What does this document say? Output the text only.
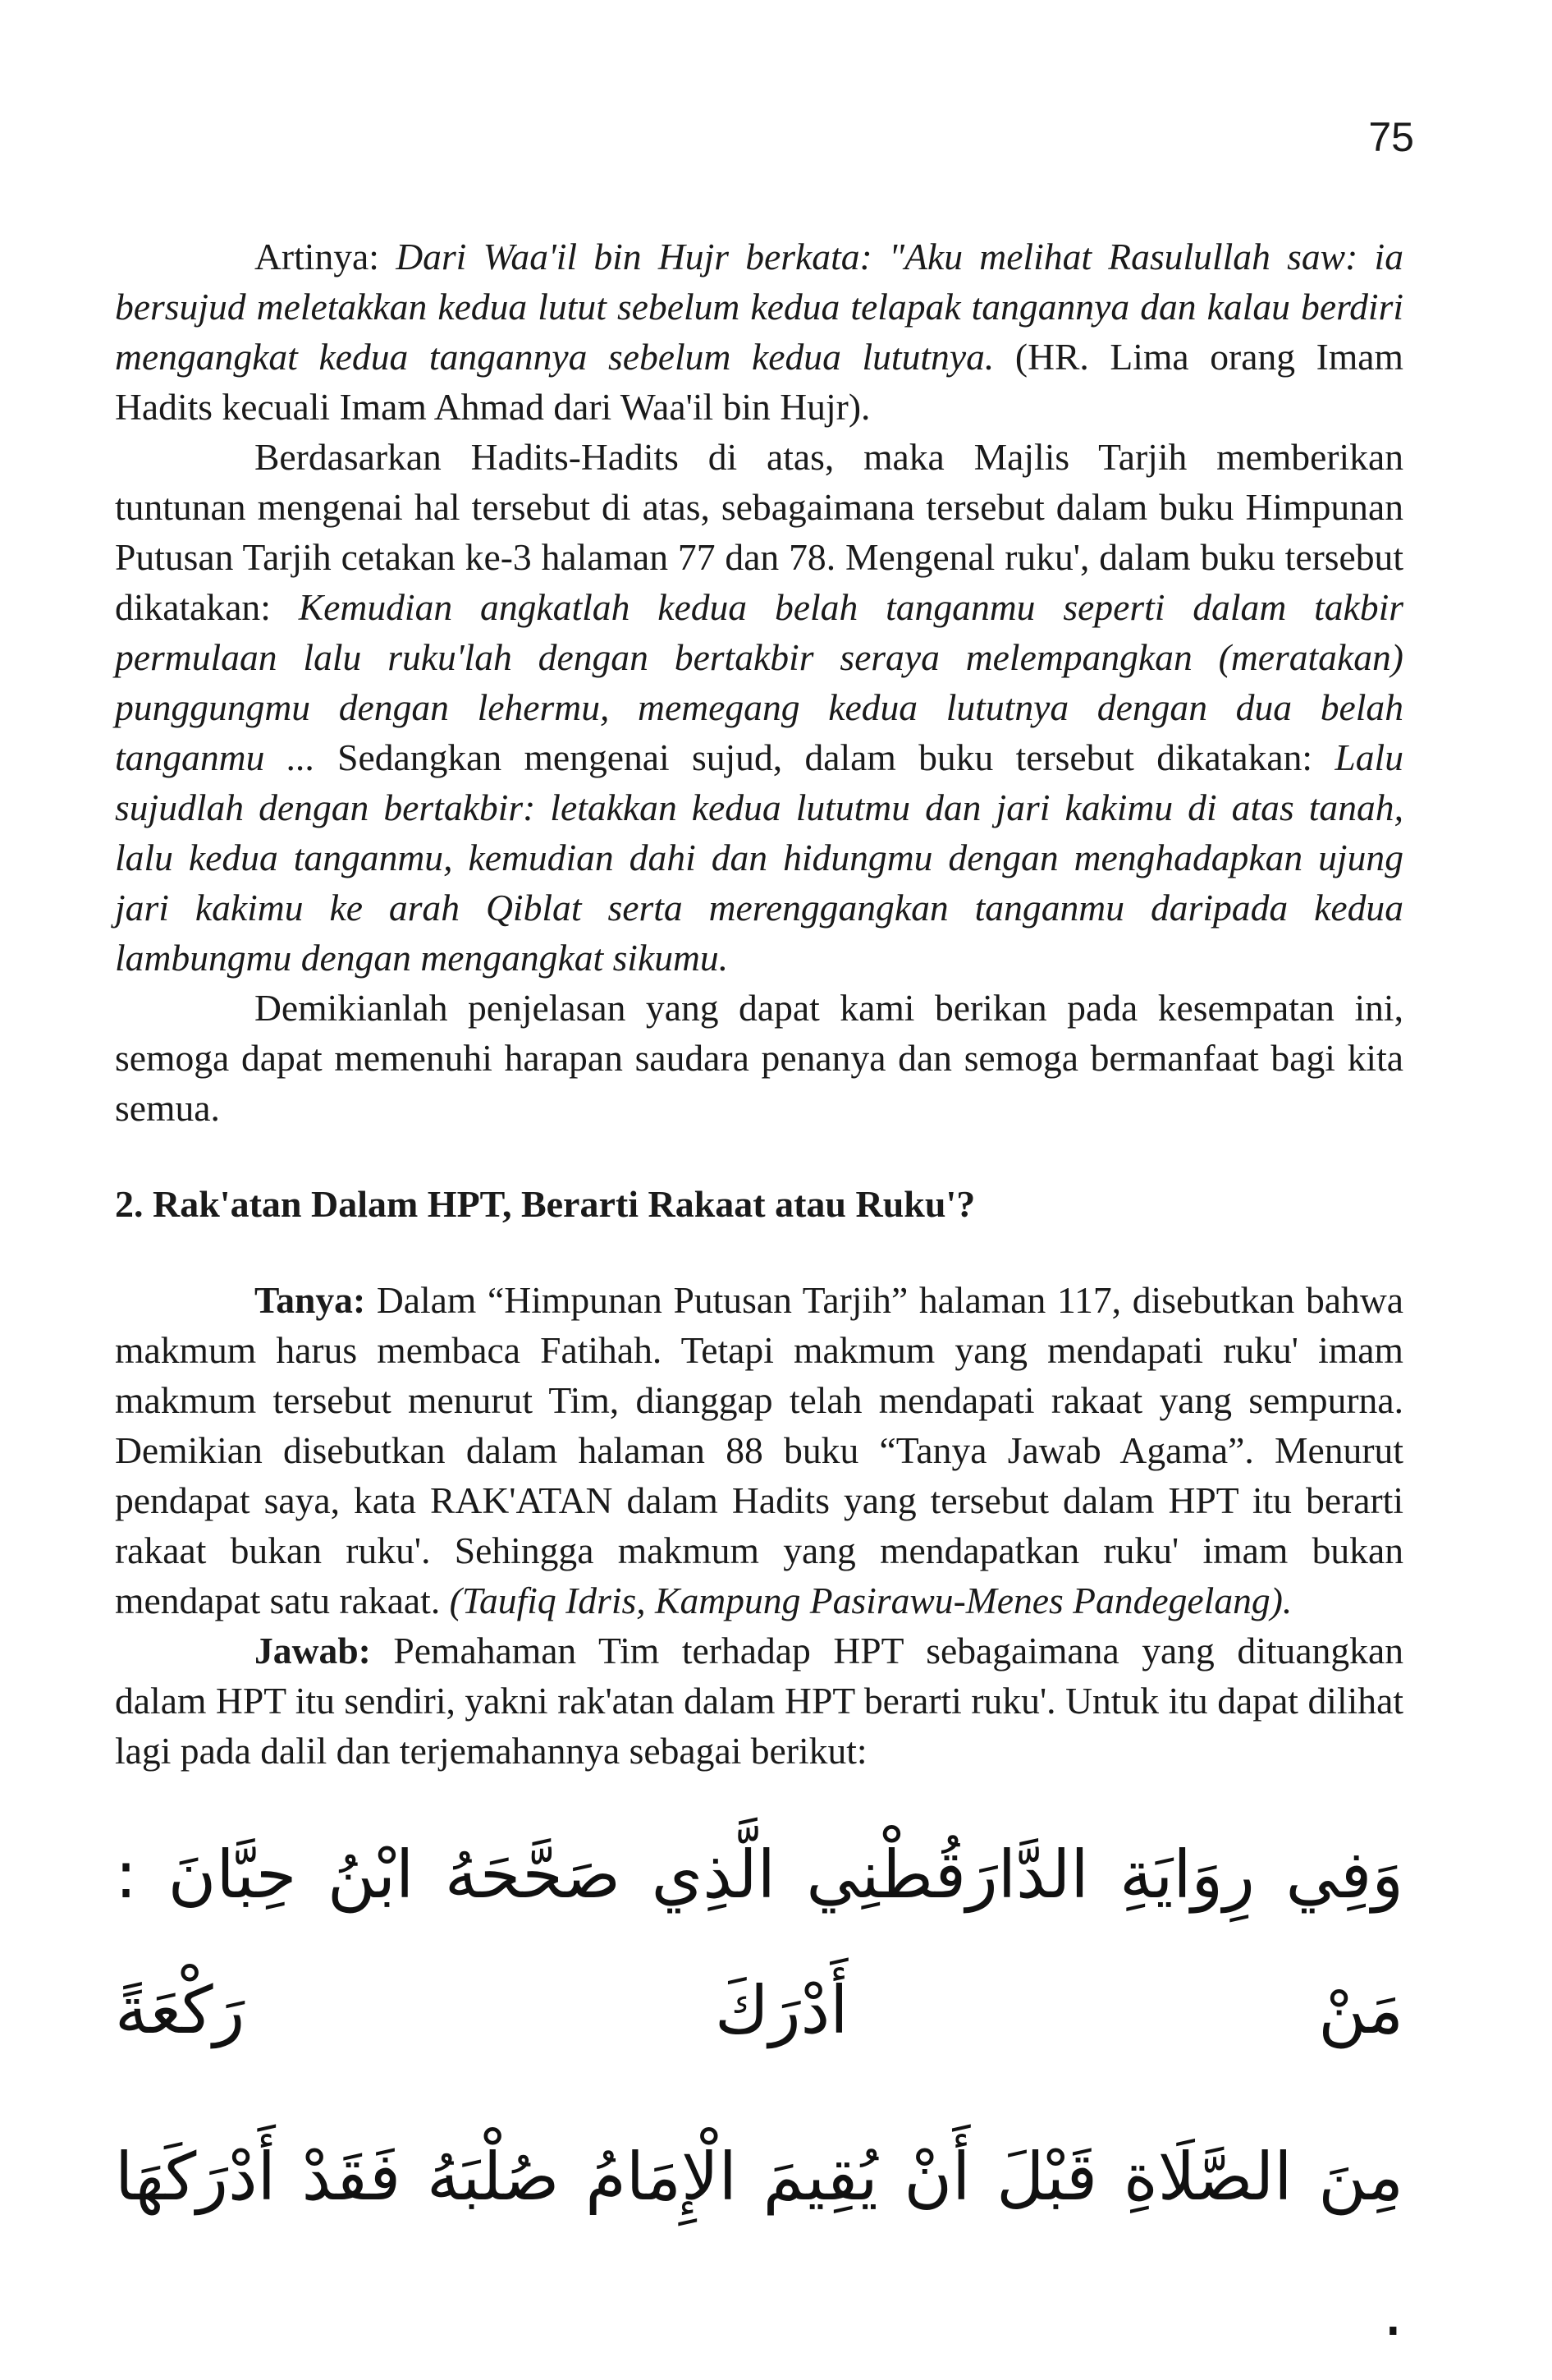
75

Artinya: Dari Waa'il bin Hujr berkata: "Aku melihat Rasulullah saw: ia bersujud meletakkan kedua lutut sebelum kedua telapak tangannya dan kalau berdiri mengangkat kedua tangannya sebelum kedua lututnya. (HR. Lima orang Imam Hadits kecuali Imam Ahmad dari Waa'il bin Hujr).

Berdasarkan Hadits-Hadits di atas, maka Majlis Tarjih memberikan tuntunan mengenai hal tersebut di atas, sebagaimana tersebut dalam buku Himpunan Putusan Tarjih cetakan ke-3 halaman 77 dan 78. Mengenal ruku', dalam buku tersebut dikatakan: Kemudian angkatlah kedua belah tanganmu seperti dalam takbir permulaan lalu ruku'lah dengan bertakbir seraya melempangkan (meratakan) punggungmu dengan lehermu, memegang kedua lututnya dengan dua belah tanganmu ... Sedangkan mengenai sujud, dalam buku tersebut dikatakan: Lalu sujudlah dengan bertakbir: letakkan kedua lututmu dan jari kakimu di atas tanah, lalu kedua tanganmu, kemudian dahi dan hidungmu dengan menghadapkan ujung jari kakimu ke arah Qiblat serta merenggangkan tanganmu daripada kedua lambungmu dengan mengangkat sikumu.

Demikianlah penjelasan yang dapat kami berikan pada kesempatan ini, semoga dapat memenuhi harapan saudara penanya dan semoga bermanfaat bagi kita semua.

2. Rak'atan Dalam HPT, Berarti Rakaat atau Ruku'?

Tanya: Dalam “Himpunan Putusan Tarjih” halaman 117, disebutkan bahwa makmum harus membaca Fatihah. Tetapi makmum yang mendapati ruku' imam makmum tersebut menurut Tim, dianggap telah mendapati rakaat yang sempurna. Demikian disebutkan dalam halaman 88 buku “Tanya Jawab Agama”. Menurut pendapat saya, kata RAK'ATAN dalam Hadits yang tersebut dalam HPT itu berarti rakaat bukan ruku'. Sehingga makmum yang mendapatkan ruku' imam bukan mendapat satu rakaat. (Taufiq Idris, Kampung Pasirawu-Menes Pandegelang).

Jawab: Pemahaman Tim terhadap HPT sebagaimana yang dituangkan dalam HPT itu sendiri, yakni rak'atan dalam HPT berarti ruku'. Untuk itu dapat dilihat lagi pada dalil dan terjemahannya sebagai berikut:

وَفِي رِوَايَةِ الدَّارَقُطْنِي الَّذِي صَحَّحَهُ ابْنُ حِبَّانَ : مَنْ أَدْرَكَ رَكْعَةً
مِنَ الصَّلَاةِ قَبْلَ أَنْ يُقِيمَ الْإِمَامُ صُلْبَهُ فَقَدْ أَدْرَكَهَا .
